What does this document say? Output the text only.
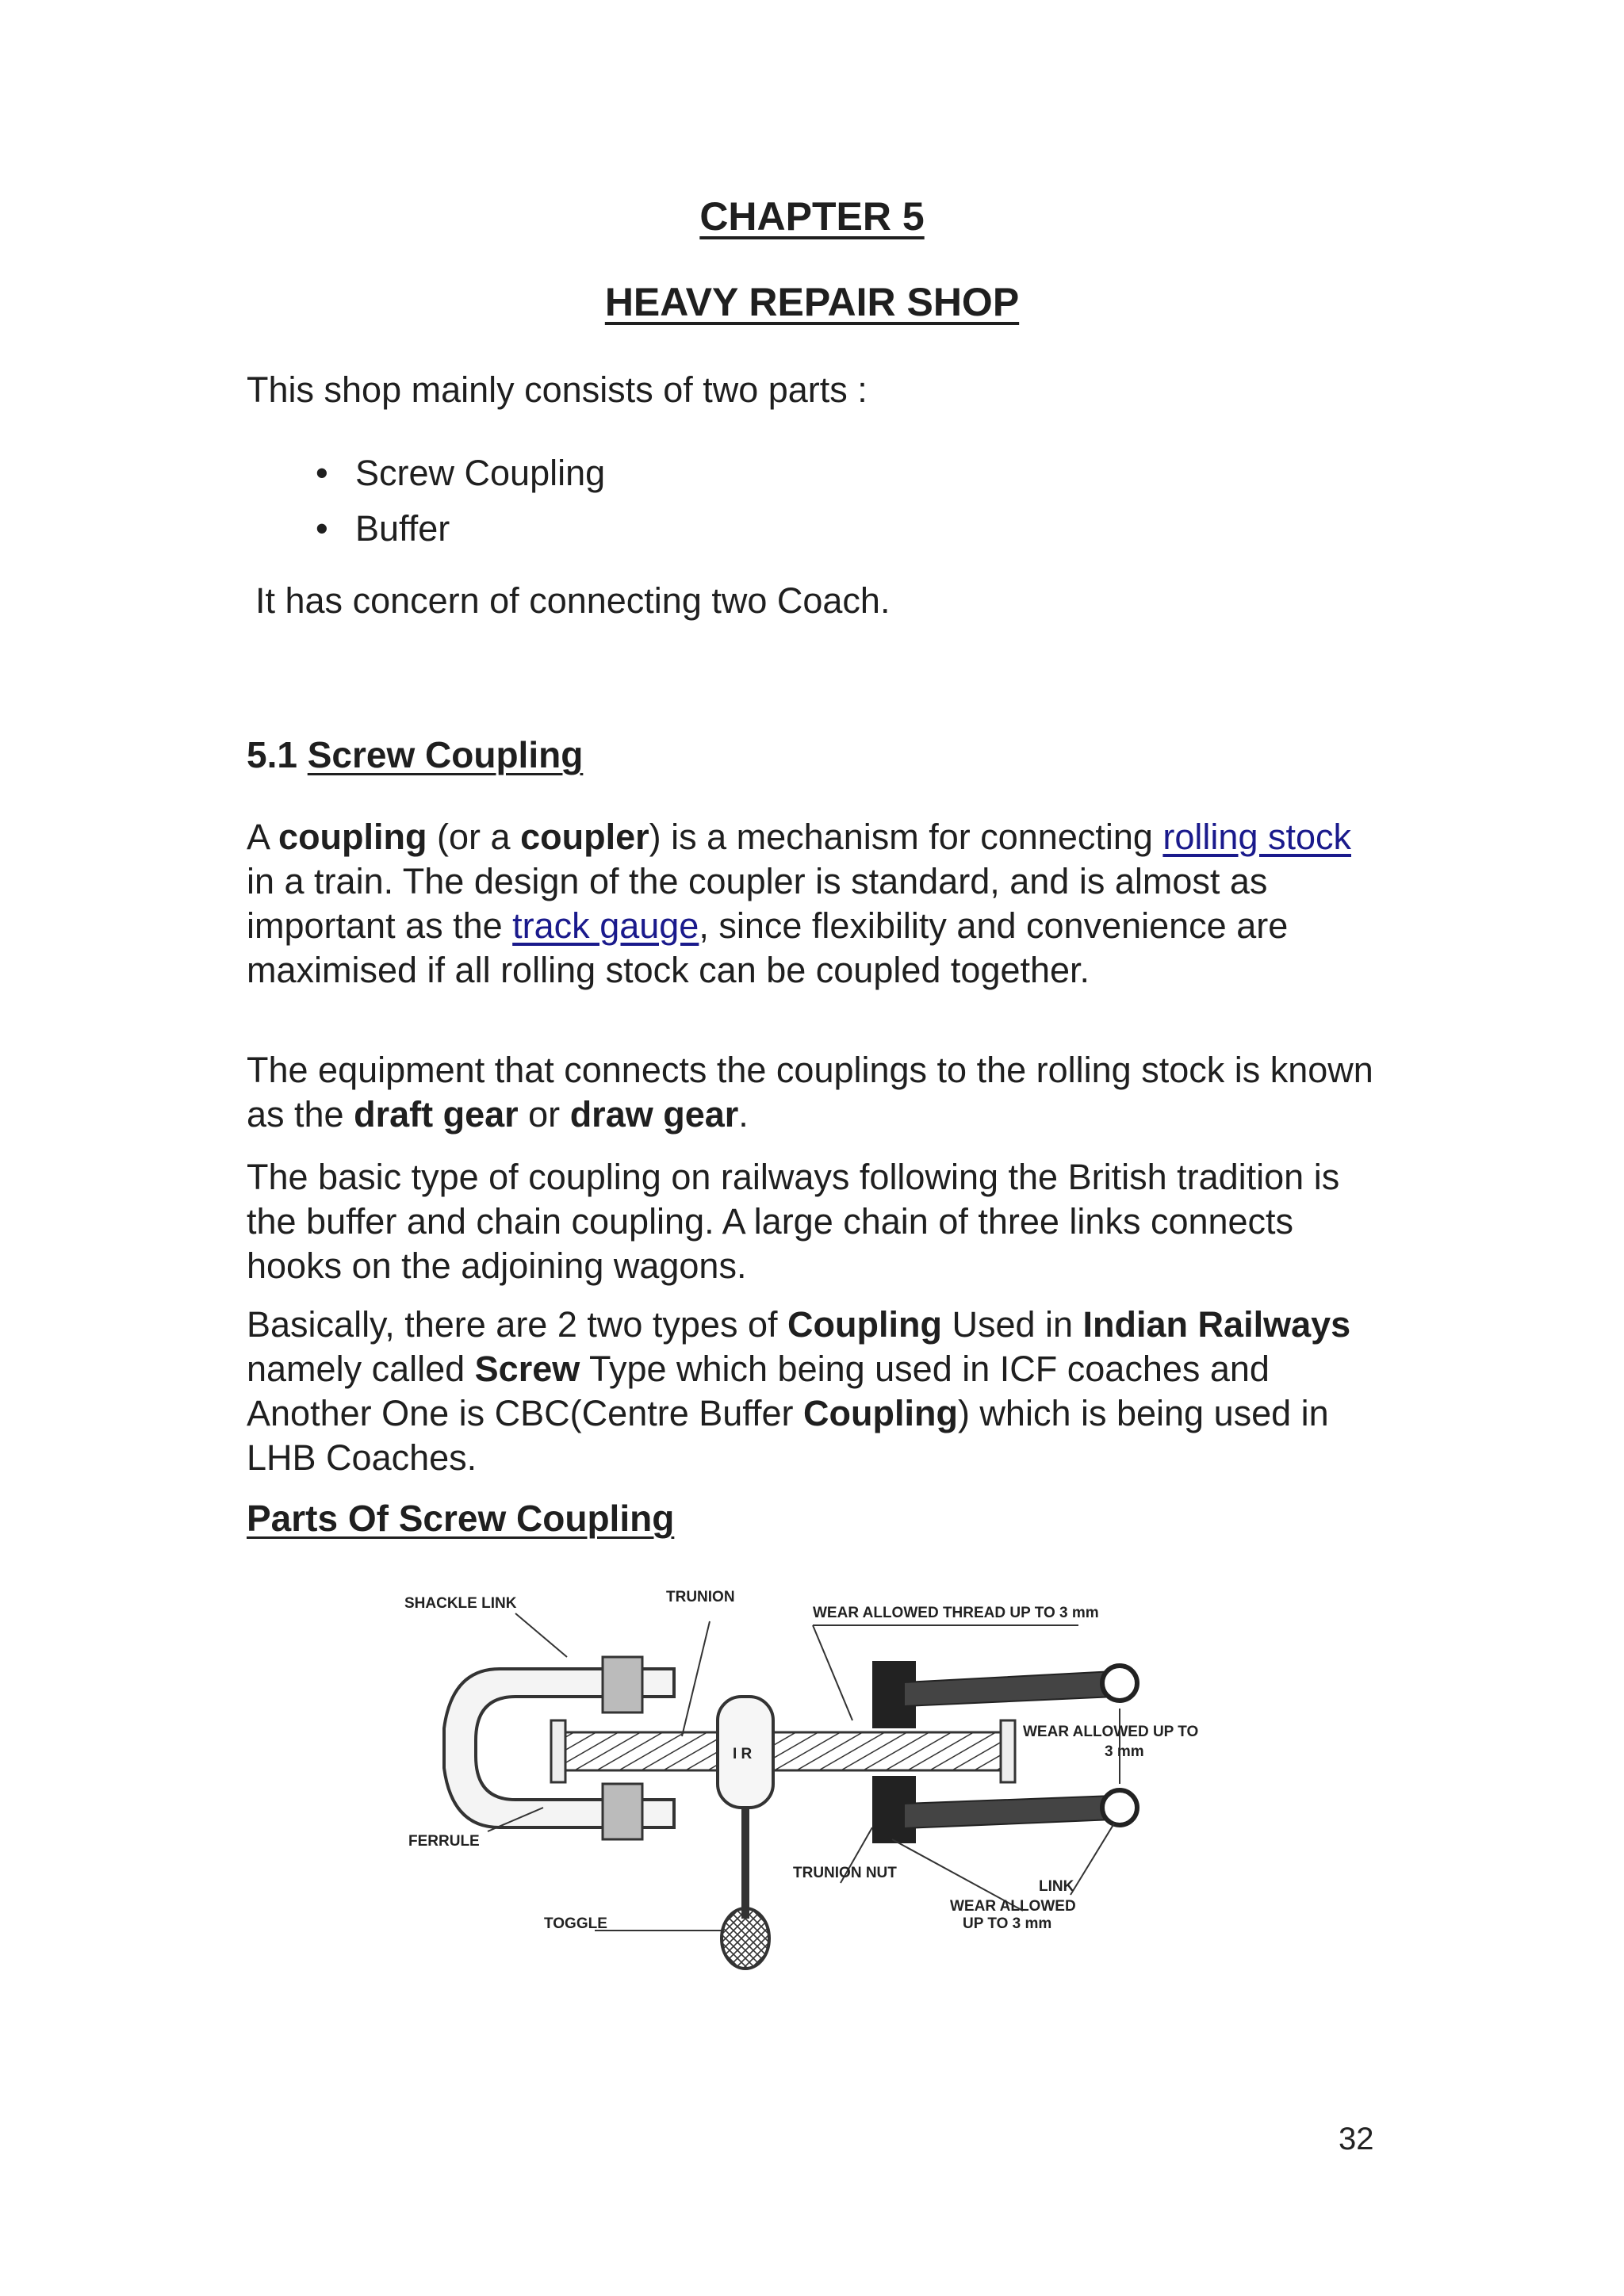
CHAPTER 5
HEAVY REPAIR SHOP

This shop mainly consists of two parts :

• Screw Coupling
• Buffer

It has concern of connecting two Coach.

5.1 Screw Coupling

A coupling (or a coupler) is a mechanism for connecting rolling stock in a train. The design of the coupler is standard, and is almost as important as the track gauge, since flexibility and convenience are maximised if all rolling stock can be coupled together.

The equipment that connects the couplings to the rolling stock is known as the draft gear or draw gear.

The basic type of coupling on railways following the British tradition is the buffer and chain coupling. A large chain of three links connects hooks on the adjoining wagons.

Basically, there are 2 two types of Coupling Used in Indian Railways namely called Screw Type which being used in ICF coaches and Another One is CBC(Centre Buffer Coupling) which is being used in LHB Coaches.

Parts Of Screw Coupling
SHACKLE LINK	TRUNION
WEAR ALLOWED THREAD UP TO 3 mm
WEAR ALLOWED UP TO
3 mm
I R
FERRULE
TRUNION NUT
LINK
WEAR ALLOWED
UP TO 3 mm
TOGGLE
32
